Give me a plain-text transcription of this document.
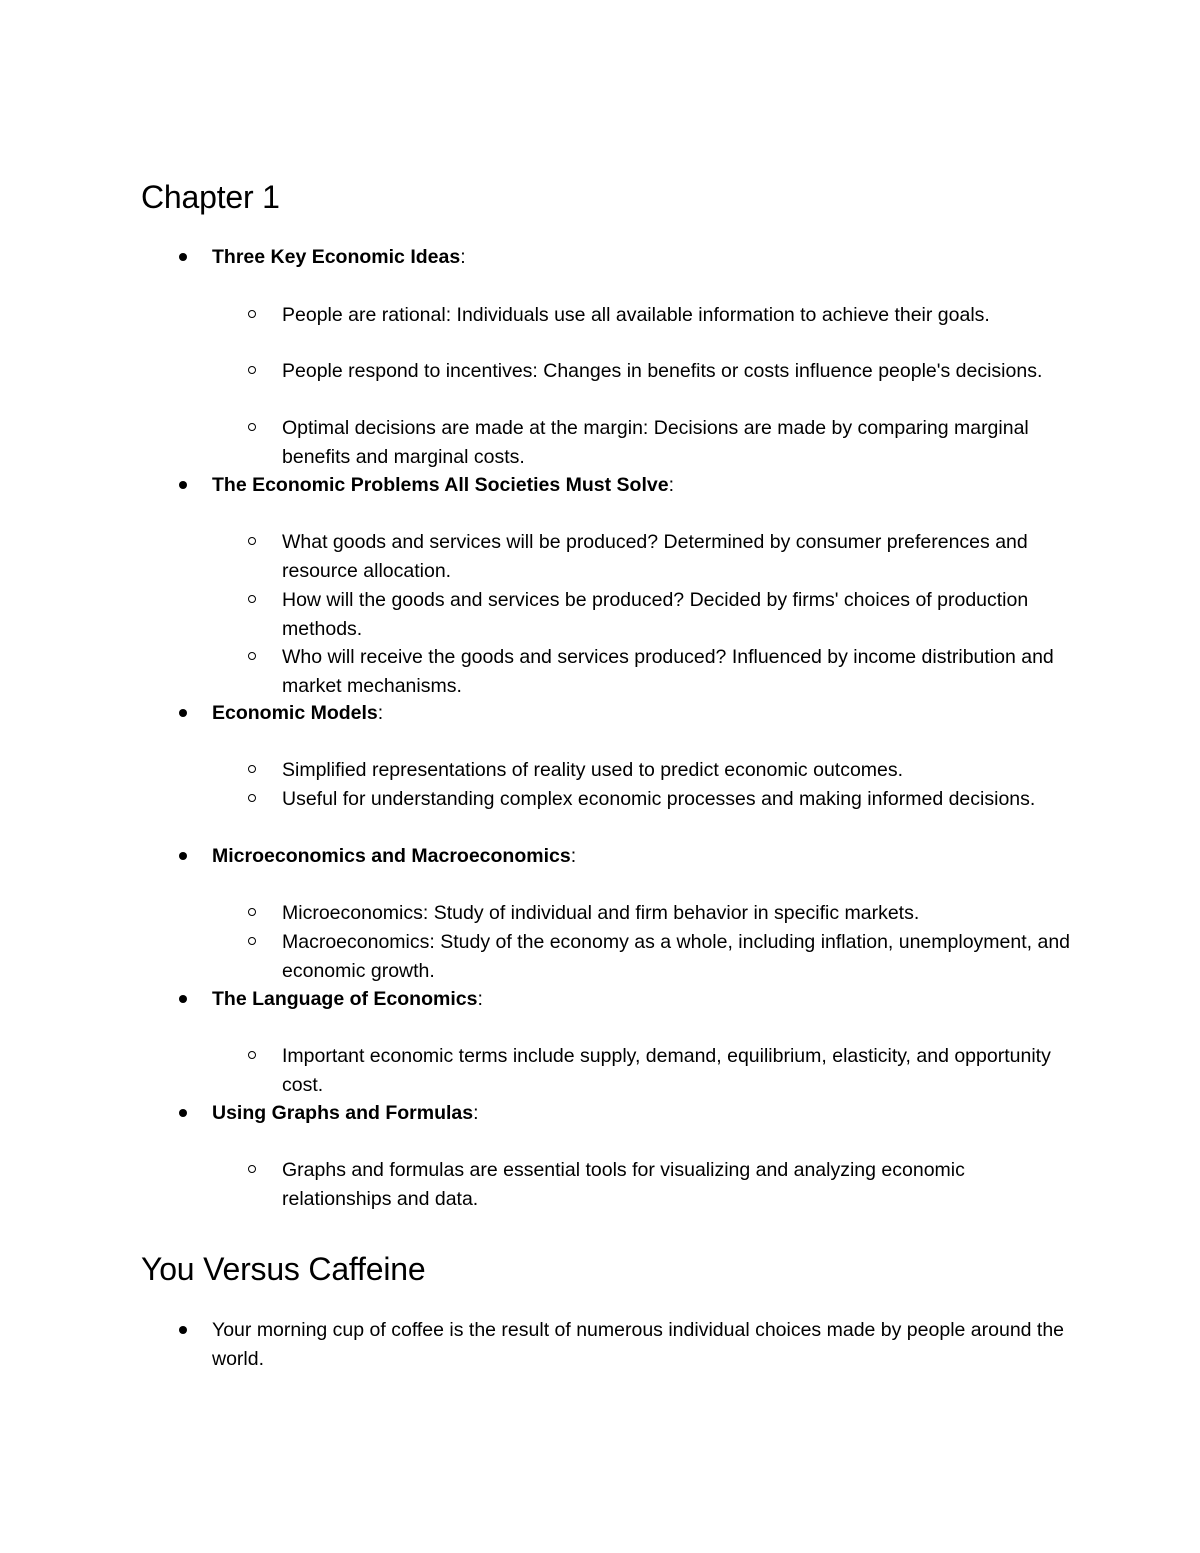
Chapter 1
Three Key Economic Ideas:
People are rational: Individuals use all available information to achieve their goals.
People respond to incentives: Changes in benefits or costs influence people's decisions.
Optimal decisions are made at the margin: Decisions are made by comparing marginal benefits and marginal costs.
The Economic Problems All Societies Must Solve:
What goods and services will be produced? Determined by consumer preferences and resource allocation.
How will the goods and services be produced? Decided by firms' choices of production methods.
Who will receive the goods and services produced? Influenced by income distribution and market mechanisms.
Economic Models:
Simplified representations of reality used to predict economic outcomes.
Useful for understanding complex economic processes and making informed decisions.
Microeconomics and Macroeconomics:
Microeconomics: Study of individual and firm behavior in specific markets.
Macroeconomics: Study of the economy as a whole, including inflation, unemployment, and economic growth.
The Language of Economics:
Important economic terms include supply, demand, equilibrium, elasticity, and opportunity cost.
Using Graphs and Formulas:
Graphs and formulas are essential tools for visualizing and analyzing economic relationships and data.
You Versus Caffeine
Your morning cup of coffee is the result of numerous individual choices made by people around the world.
